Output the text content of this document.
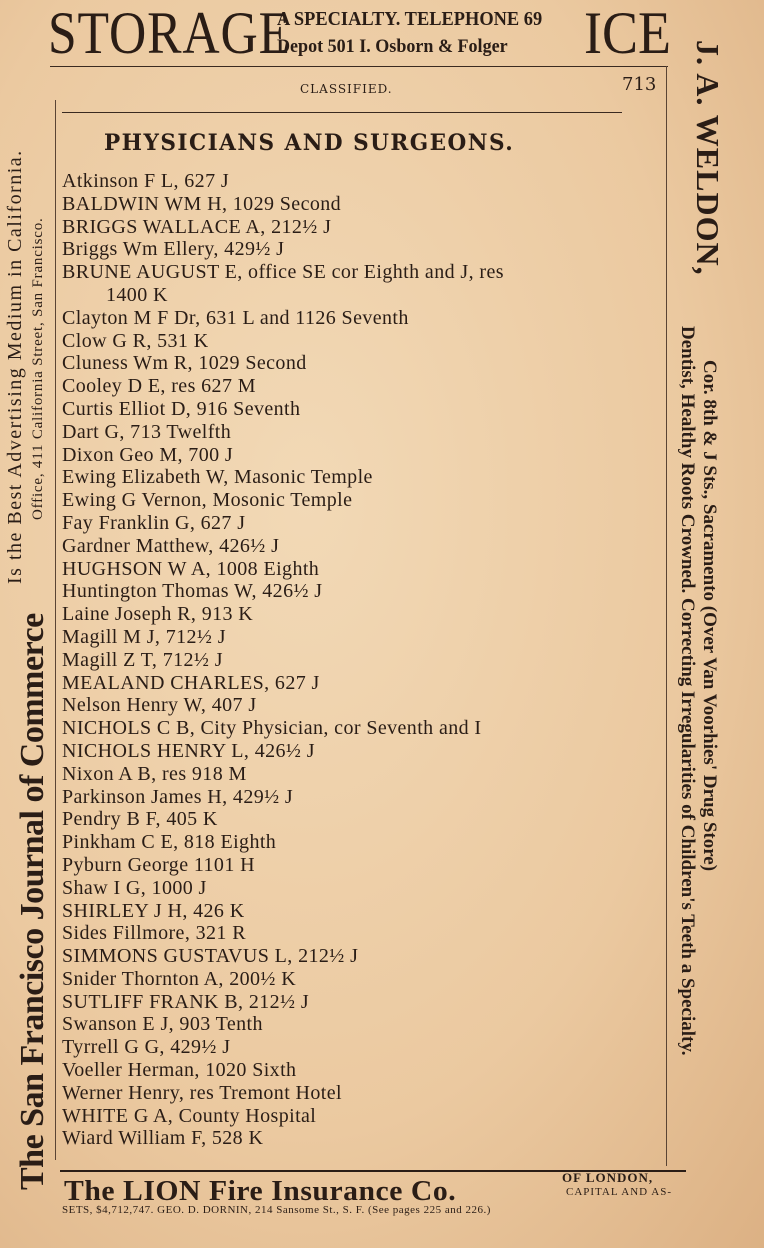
STORAGE
A SPECIALTY. TELEPHONE 69
Depot 501 I. Osborn & Folger ICE
CLASSIFIED.	713
PHYSICIANS AND SURGEONS.
Atkinson F L, 627 J
BALDWIN WM H, 1029 Second
BRIGGS WALLACE A, 212½ J
Briggs Wm Ellery, 429½ J
BRUNE AUGUST E, office SE cor Eighth and J, res
1400 K
Clayton M F Dr, 631 L and 1126 Seventh
Clow G R, 531 K
Cluness Wm R, 1029 Second
Cooley D E, res 627 M
Curtis Elliot D, 916 Seventh
Dart G, 713 Twelfth
Dixon Geo M, 700 J
Ewing Elizabeth W, Masonic Temple
Ewing G Vernon, Mosonic Temple
Fay Franklin G, 627 J
Gardner Matthew, 426½ J
HUGHSON W A, 1008 Eighth
Huntington Thomas W, 426½ J
Laine Joseph R, 913 K
Magill M J, 712½ J
Magill Z T, 712½ J
MEALAND CHARLES, 627 J
Nelson Henry W, 407 J
NICHOLS C B, City Physician, cor Seventh and I
NICHOLS HENRY L, 426½ J
Nixon A B, res 918 M
Parkinson James H, 429½ J
Pendry B F, 405 K
Pinkham C E, 818 Eighth
Pyburn George 1101 H
Shaw I G, 1000 J
SHIRLEY J H, 426 K
Sides Fillmore, 321 R
SIMMONS GUSTAVUS L, 212½ J
Snider Thornton A, 200½ K
SUTLIFF FRANK B, 212½ J
Swanson E J, 903 Tenth
Tyrrell G G, 429½ J
Voeller Herman, 1020 Sixth
Werner Henry, res Tremont Hotel
WHITE G A, County Hospital
Wiard William F, 528 K
The San Francisco Journal of Commerce
Is the Best Advertising Medium in California. Office, 411 California Street, San Francisco.
J. A. WELDON,
Dentist, Healthy Roots Crowned. Correcting Irregularities of Children's Teeth a Specialty. Cor. 8th & J Sts., Sacramento (Over Van Voorhies' Drug Store)
The LION Fire Insurance Co.	OF LONDON,
CAPITAL AND AS-
SETS, $4,712,747. GEO. D. DORNIN, 214 Sansome St., S. F. (See pages 225 and 226.)
